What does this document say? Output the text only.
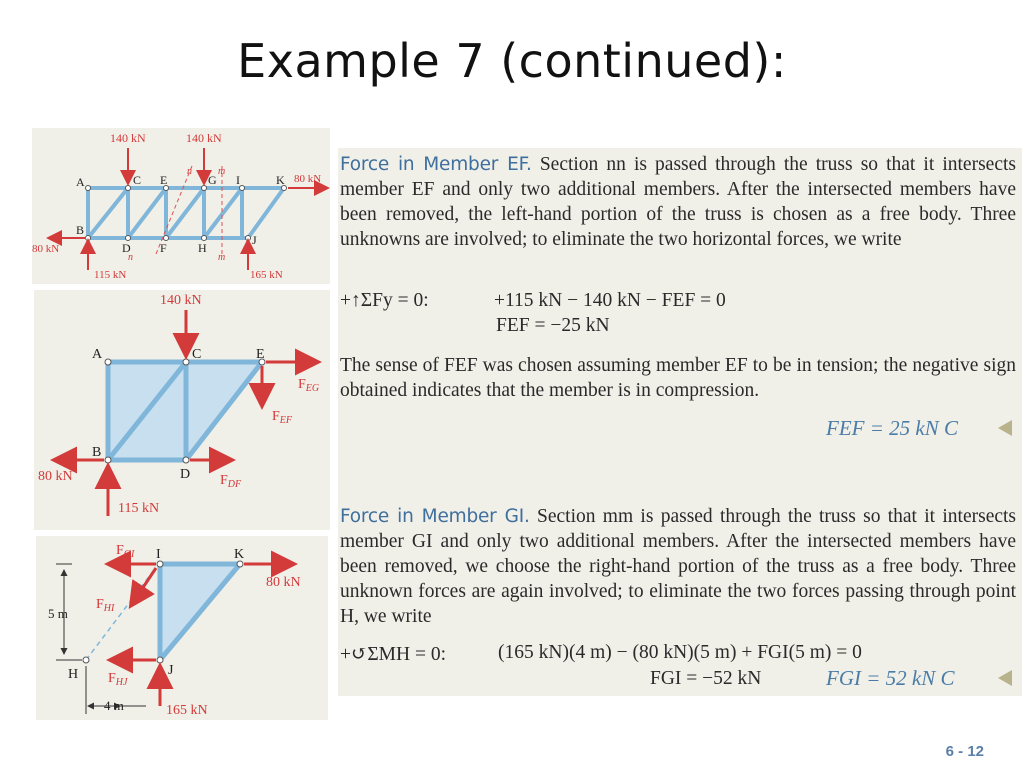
Example 7 (continued):
140 kN	140 kN
A	C E	G I	K
B
D F	H
J
n	m
n	m
80 kN
80 kN
115 kN	165 kN
140 kN
A	C	E
B
D
$F_{EG}$
$F_{EF}$
$F_{DF}$
80 kN
115 kN
I	K
H	J
$F_{GI}$
$F_{HI}$
$F_{HJ}$
80 kN
165 kN
5 m
4 m
Force in Member EF. Section nn is passed through the truss so that it intersects member EF and only two additional members. After the intersected members have been removed, the left-hand portion of the truss is chosen as a free body. Three unknowns are involved; to eliminate the two horizontal forces, we write
+↑ΣFy = 0:	+115 kN − 140 kN − FEF = 0
FEF = −25 kN
The sense of FEF was chosen assuming member EF to be in tension; the negative sign obtained indicates that the member is in compression.
FEF = 25 kN C
Force in Member GI. Section mm is passed through the truss so that it intersects member GI and only two additional members. After the intersected members have been removed, we choose the right-hand portion of the truss as a free body. Three unknown forces are again involved; to eliminate the two forces passing through point H, we write
+↺ΣMH = 0:	(165 kN)(4 m) − (80 kN)(5 m) + FGI(5 m) = 0
FGI = −52 kN	FGI = 52 kN C
6 - 12
